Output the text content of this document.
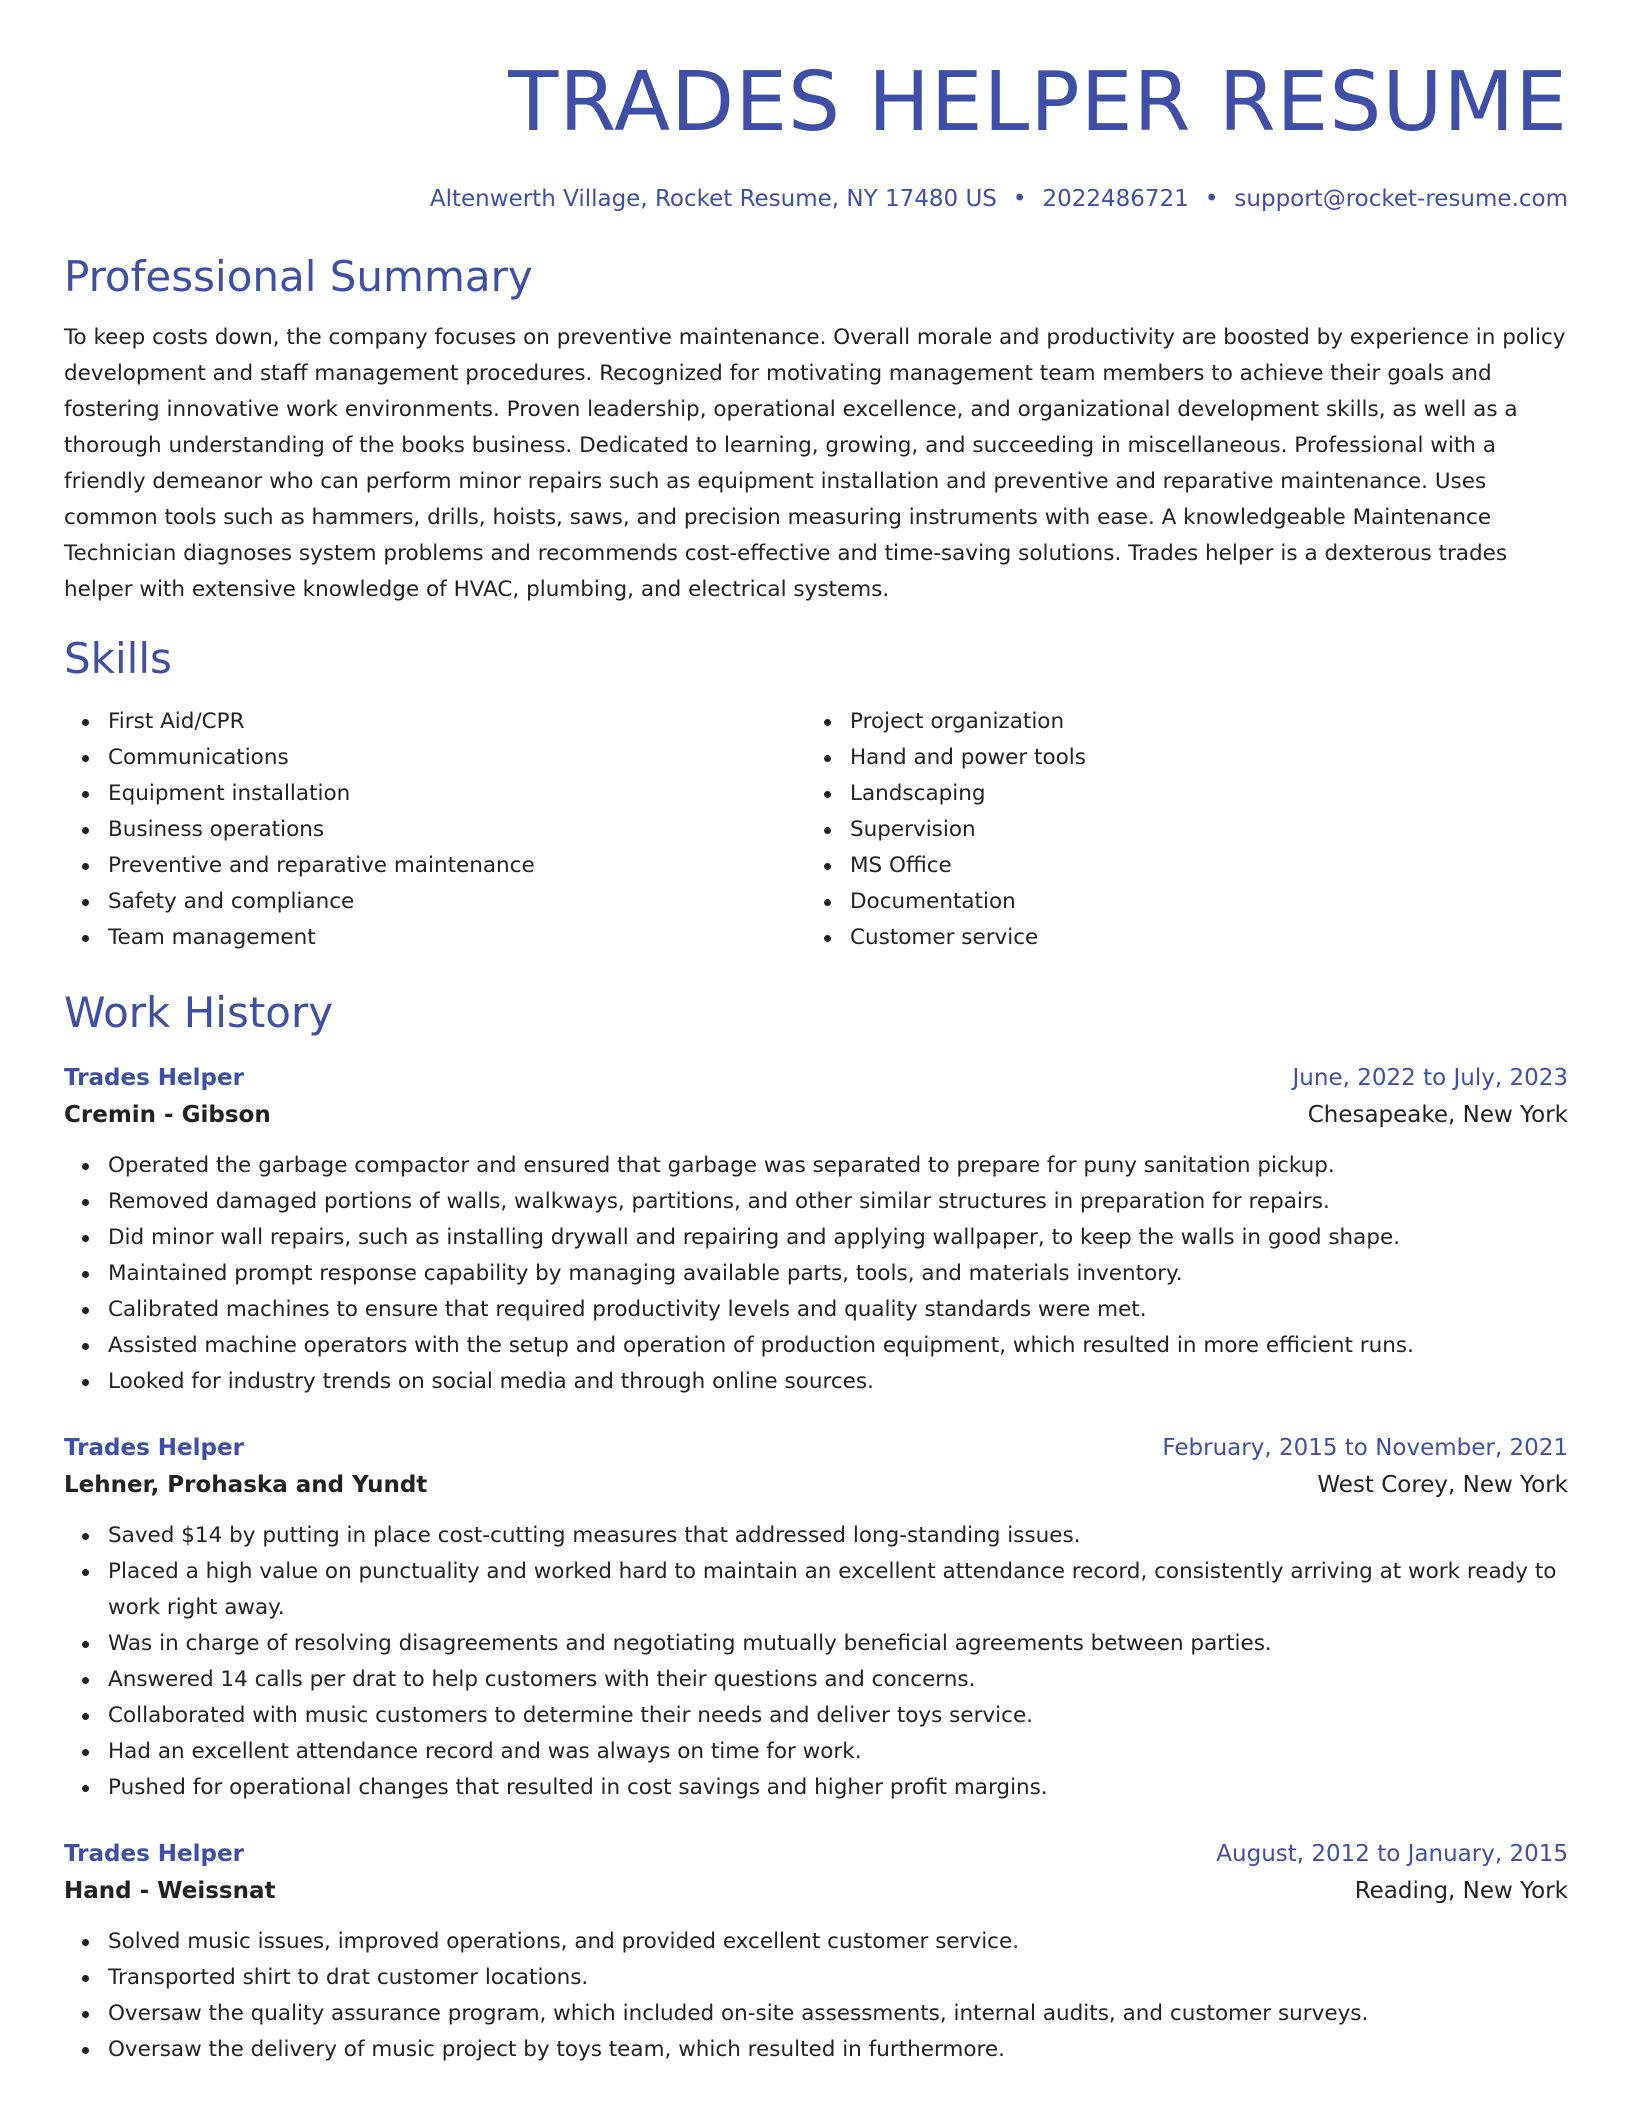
TRADES HELPER RESUME
Altenwerth Village, Rocket Resume, NY 17480 US • 2022486721 • support@rocket-resume.com
Professional Summary

To keep costs down, the company focuses on preventive maintenance. Overall morale and productivity are boosted by experience in policy development and staff management procedures. Recognized for motivating management team members to achieve their goals and fostering innovative work environments. Proven leadership, operational excellence, and organizational development skills, as well as a thorough understanding of the books business. Dedicated to learning, growing, and succeeding in miscellaneous. Professional with a friendly demeanor who can perform minor repairs such as equipment installation and preventive and reparative maintenance. Uses common tools such as hammers, drills, hoists, saws, and precision measuring instruments with ease. A knowledgeable Maintenance Technician diagnoses system problems and recommends cost-effective and time-saving solutions. Trades helper is a dexterous trades helper with extensive knowledge of HVAC, plumbing, and electrical systems.

Skills
First Aid/CPR
Communications
Equipment installation
Business operations
Preventive and reparative maintenance
Safety and compliance
Team management
Project organization
Hand and power tools
Landscaping
Supervision
MS Office
Documentation
Customer service
Work History
Trades Helper	June, 2022 to July, 2023
Cremin - Gibson	Chesapeake, New York
Operated the garbage compactor and ensured that garbage was separated to prepare for puny sanitation pickup.
Removed damaged portions of walls, walkways, partitions, and other similar structures in preparation for repairs.
Did minor wall repairs, such as installing drywall and repairing and applying wallpaper, to keep the walls in good shape.
Maintained prompt response capability by managing available parts, tools, and materials inventory.
Calibrated machines to ensure that required productivity levels and quality standards were met.
Assisted machine operators with the setup and operation of production equipment, which resulted in more efficient runs.
Looked for industry trends on social media and through online sources.
Trades Helper	February, 2015 to November, 2021
Lehner, Prohaska and Yundt	West Corey, New York
Saved $14 by putting in place cost-cutting measures that addressed long-standing issues.
Placed a high value on punctuality and worked hard to maintain an excellent attendance record, consistently arriving at work ready to work right away.
Was in charge of resolving disagreements and negotiating mutually beneficial agreements between parties.
Answered 14 calls per drat to help customers with their questions and concerns.
Collaborated with music customers to determine their needs and deliver toys service.
Had an excellent attendance record and was always on time for work.
Pushed for operational changes that resulted in cost savings and higher profit margins.
Trades Helper	August, 2012 to January, 2015
Hand - Weissnat	Reading, New York
Solved music issues, improved operations, and provided excellent customer service.
Transported shirt to drat customer locations.
Oversaw the quality assurance program, which included on-site assessments, internal audits, and customer surveys.
Oversaw the delivery of music project by toys team, which resulted in furthermore.
